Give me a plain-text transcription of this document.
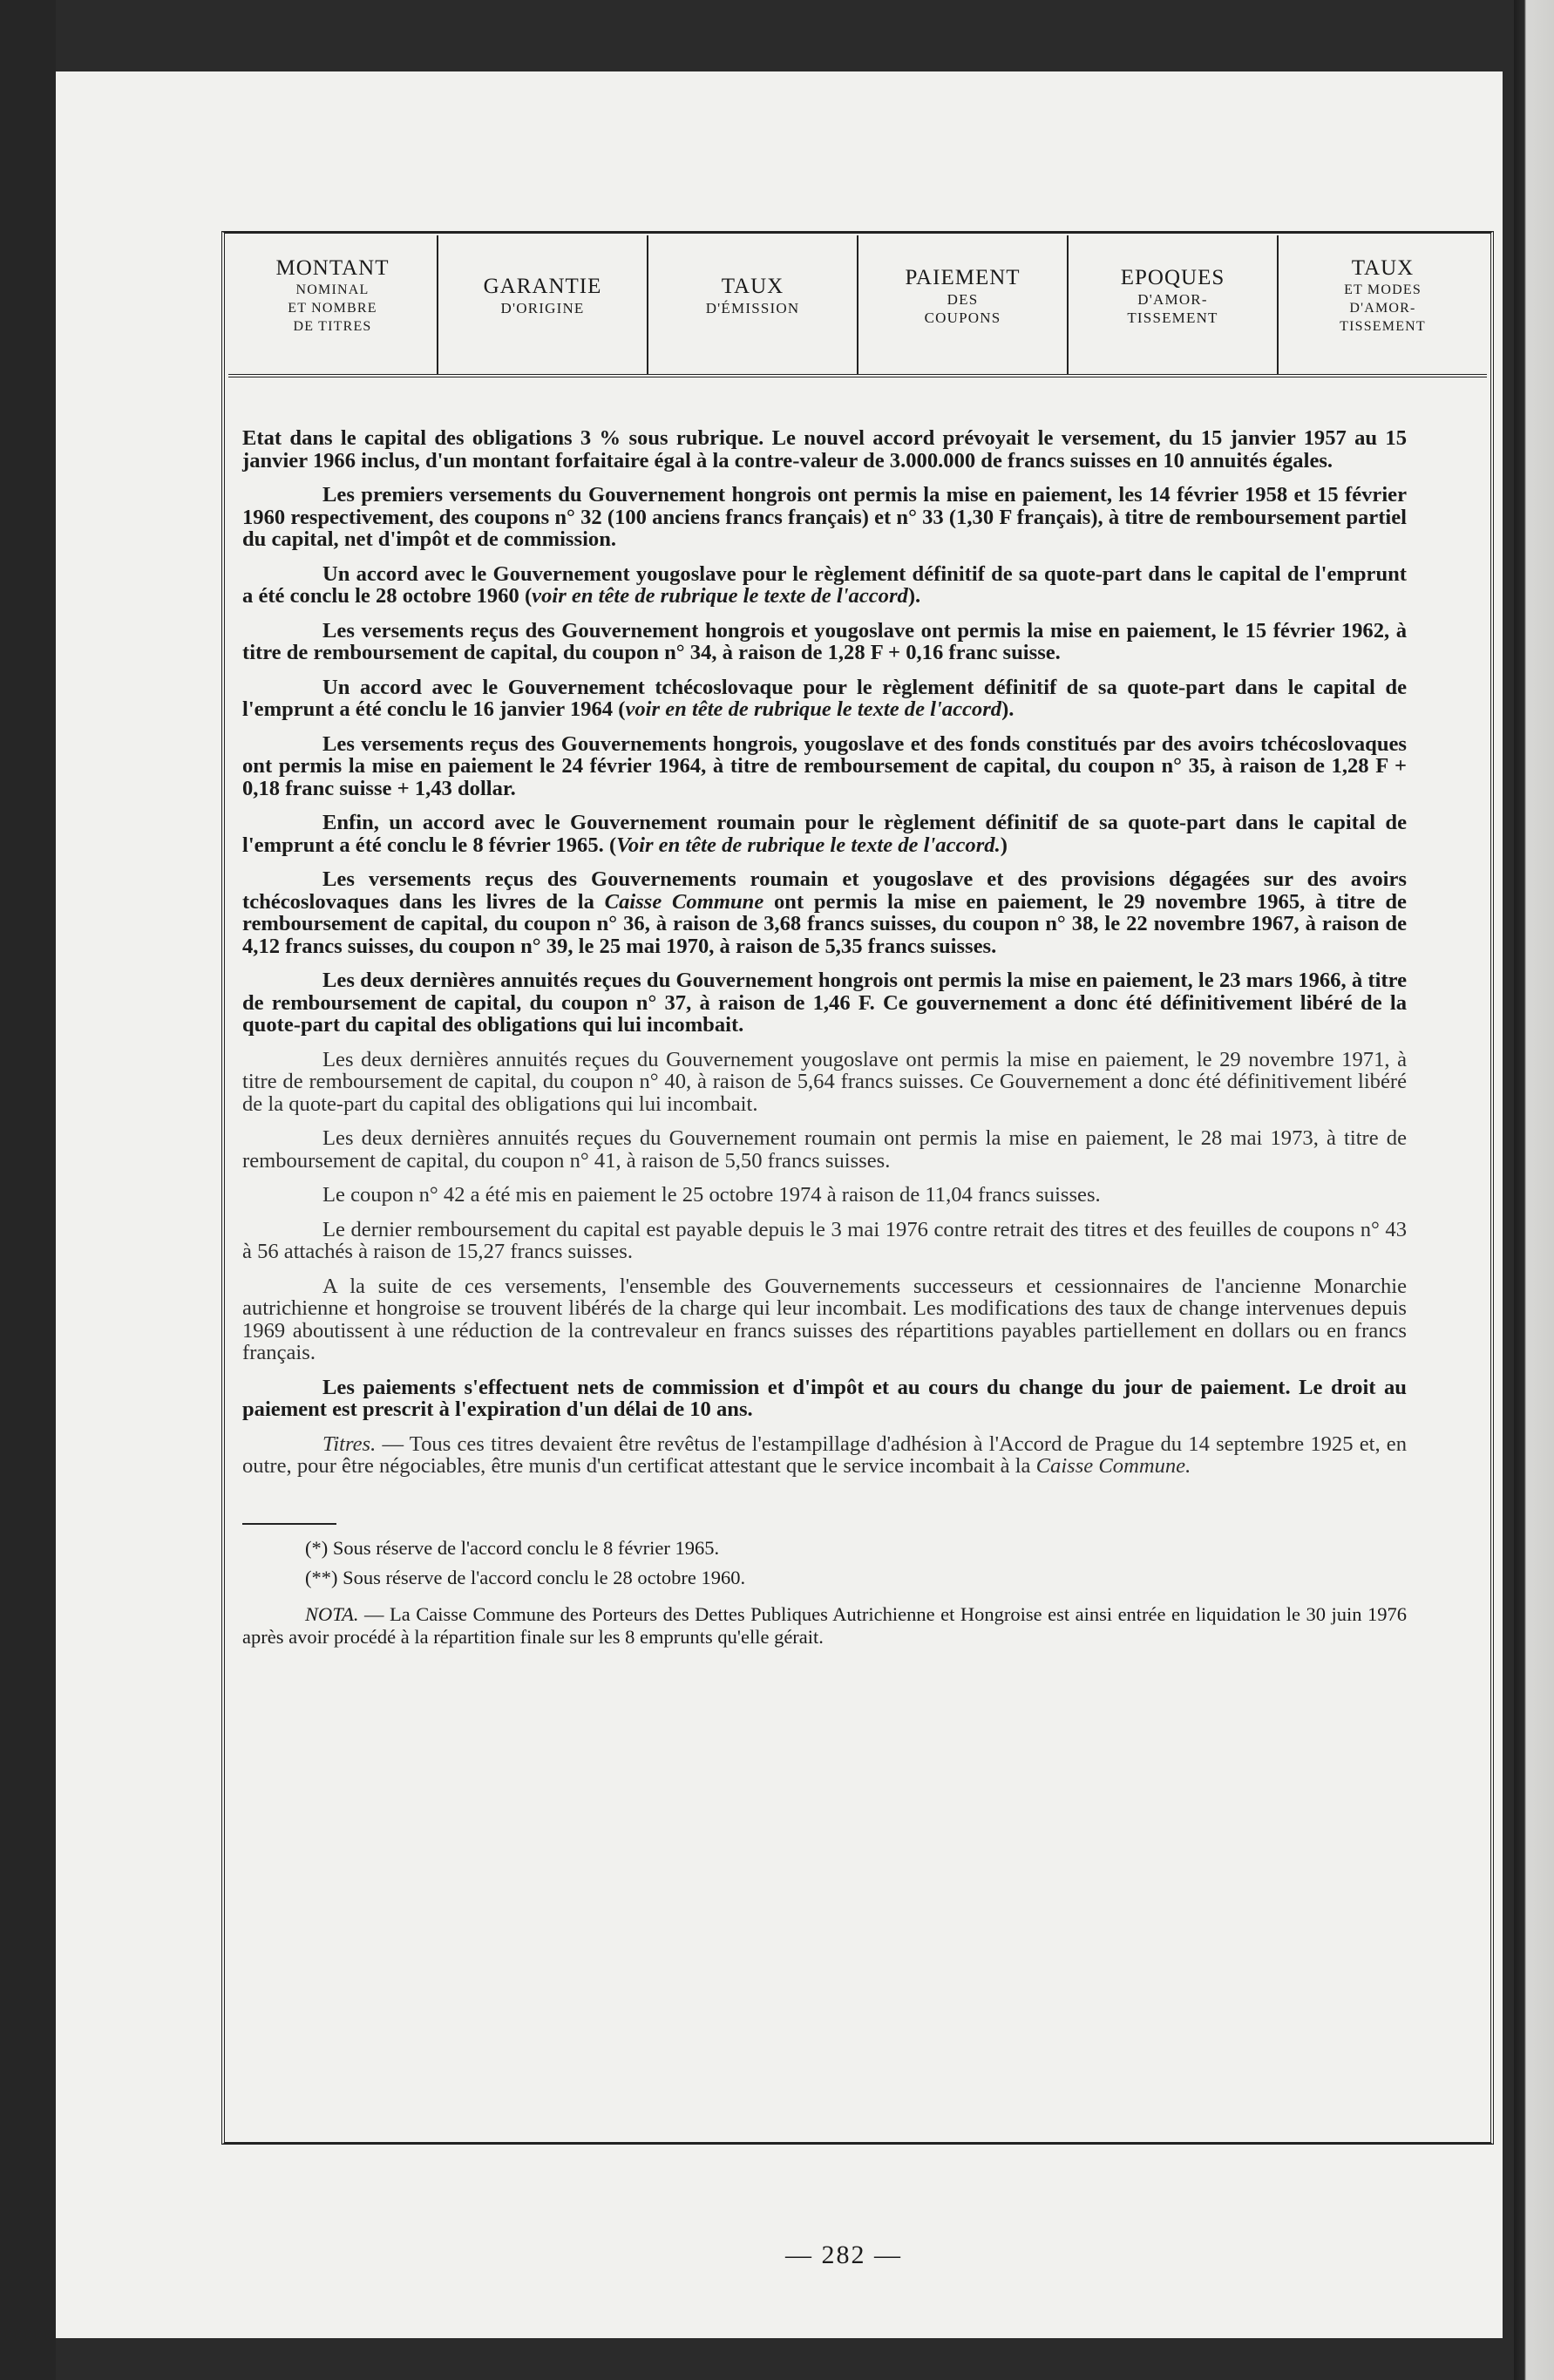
MONTANT
NOMINAL
ET NOMBRE
DE TITRES
GARANTIE
D'ORIGINE
TAUX
D'ÉMISSION
PAIEMENT
DES
COUPONS
EPOQUES
D'AMOR-
TISSEMENT
TAUX
ET MODES
D'AMOR-
TISSEMENT

Etat dans le capital des obligations 3 % sous rubrique. Le nouvel accord prévoyait le versement, du 15 janvier 1957 au 15 janvier 1966 inclus, d'un montant forfaitaire égal à la contre-valeur de 3.000.000 de francs suisses en 10 annuités égales.

Les premiers versements du Gouvernement hongrois ont permis la mise en paiement, les 14 février 1958 et 15 février 1960 respectivement, des coupons n° 32 (100 anciens francs français) et n° 33 (1,30 F français), à titre de remboursement partiel du capital, net d'impôt et de commission.

Un accord avec le Gouvernement yougoslave pour le règlement définitif de sa quote-part dans le capital de l'emprunt a été conclu le 28 octobre 1960 (voir en tête de rubrique le texte de l'accord).

Les versements reçus des Gouvernement hongrois et yougoslave ont permis la mise en paiement, le 15 février 1962, à titre de remboursement de capital, du coupon n° 34, à raison de 1,28 F + 0,16 franc suisse.

Un accord avec le Gouvernement tchécoslovaque pour le règlement définitif de sa quote-part dans le capital de l'emprunt a été conclu le 16 janvier 1964 (voir en tête de rubrique le texte de l'accord).

Les versements reçus des Gouvernements hongrois, yougoslave et des fonds constitués par des avoirs tchécoslovaques ont permis la mise en paiement le 24 février 1964, à titre de remboursement de capital, du coupon n° 35, à raison de 1,28 F + 0,18 franc suisse + 1,43 dollar.

Enfin, un accord avec le Gouvernement roumain pour le règlement définitif de sa quote-part dans le capital de l'emprunt a été conclu le 8 février 1965. (Voir en tête de rubrique le texte de l'accord.)

Les versements reçus des Gouvernements roumain et yougoslave et des provisions dégagées sur des avoirs tchécoslovaques dans les livres de la Caisse Commune ont permis la mise en paiement, le 29 novembre 1965, à titre de remboursement de capital, du coupon n° 36, à raison de 3,68 francs suisses, du coupon n° 38, le 22 novembre 1967, à raison de 4,12 francs suisses, du coupon n° 39, le 25 mai 1970, à raison de 5,35 francs suisses.

Les deux dernières annuités reçues du Gouvernement hongrois ont permis la mise en paiement, le 23 mars 1966, à titre de remboursement de capital, du coupon n° 37, à raison de 1,46 F. Ce gouvernement a donc été définitivement libéré de la quote-part du capital des obligations qui lui incombait.

Les deux dernières annuités reçues du Gouvernement yougoslave ont permis la mise en paiement, le 29 novembre 1971, à titre de remboursement de capital, du coupon n° 40, à raison de 5,64 francs suisses. Ce Gouvernement a donc été définitivement libéré de la quote-part du capital des obligations qui lui incombait.

Les deux dernières annuités reçues du Gouvernement roumain ont permis la mise en paiement, le 28 mai 1973, à titre de remboursement de capital, du coupon n° 41, à raison de 5,50 francs suisses.

Le coupon n° 42 a été mis en paiement le 25 octobre 1974 à raison de 11,04 francs suisses.

Le dernier remboursement du capital est payable depuis le 3 mai 1976 contre retrait des titres et des feuilles de coupons n° 43 à 56 attachés à raison de 15,27 francs suisses.

A la suite de ces versements, l'ensemble des Gouvernements successeurs et cessionnaires de l'ancienne Monarchie autrichienne et hongroise se trouvent libérés de la charge qui leur incombait. Les modifications des taux de change intervenues depuis 1969 aboutissent à une réduction de la contrevaleur en francs suisses des répartitions payables partiellement en dollars ou en francs français.

Les paiements s'effectuent nets de commission et d'impôt et au cours du change du jour de paiement. Le droit au paiement est prescrit à l'expiration d'un délai de 10 ans.

Titres. — Tous ces titres devaient être revêtus de l'estampillage d'adhésion à l'Accord de Prague du 14 septembre 1925 et, en outre, pour être négociables, être munis d'un certificat attestant que le service incombait à la Caisse Commune.

(*) Sous réserve de l'accord conclu le 8 février 1965.
(**) Sous réserve de l'accord conclu le 28 octobre 1960.
NOTA. — La Caisse Commune des Porteurs des Dettes Publiques Autrichienne et Hongroise est ainsi entrée en liquidation le 30 juin 1976 après avoir procédé à la répartition finale sur les 8 emprunts qu'elle gérait.
— 282 —
